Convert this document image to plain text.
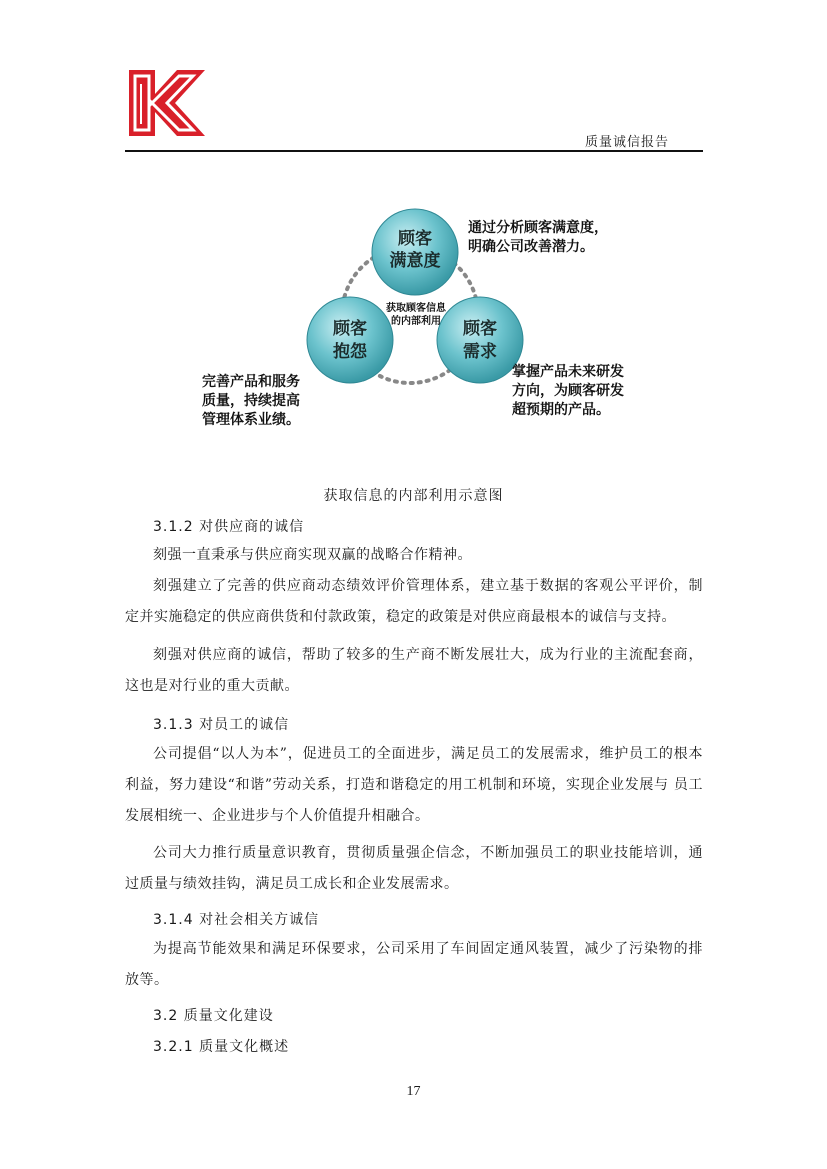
质量诚信报告
顾客
满意度
顾客
抱怨
顾客
需求
获取顾客信息
的内部利用
通过分析顾客满意度，
明确公司改善潜力。
完善产品和服务
质量，持续提高
管理体系业绩。
掌握产品未来研发
方向，为顾客研发
超预期的产品。
获取信息的内部利用示意图
3.1.2 对供应商的诚信
刻强一直秉承与供应商实现双赢的战略合作精神。
刻强建立了完善的供应商动态绩效评价管理体系，建立基于数据的客观公平评价，制定并实施稳定的供应商供货和付款政策，稳定的政策是对供应商最根本的诚信与支持。
刻强对供应商的诚信，帮助了较多的生产商不断发展壮大，成为行业的主流配套商，这也是对行业的重大贡献。
3.1.3 对员工的诚信
公司提倡“以人为本”，促进员工的全面进步，满足员工的发展需求，维护员工的根本利益，努力建设“和谐”劳动关系，打造和谐稳定的用工机制和环境，实现企业发展与 员工发展相统一、企业进步与个人价值提升相融合。
公司大力推行质量意识教育，贯彻质量强企信念，不断加强员工的职业技能培训，通过质量与绩效挂钩，满足员工成长和企业发展需求。
3.1.4 对社会相关方诚信
为提高节能效果和满足环保要求，公司采用了车间固定通风装置，减少了污染物的排放等。
3.2 质量文化建设
3.2.1 质量文化概述
17
